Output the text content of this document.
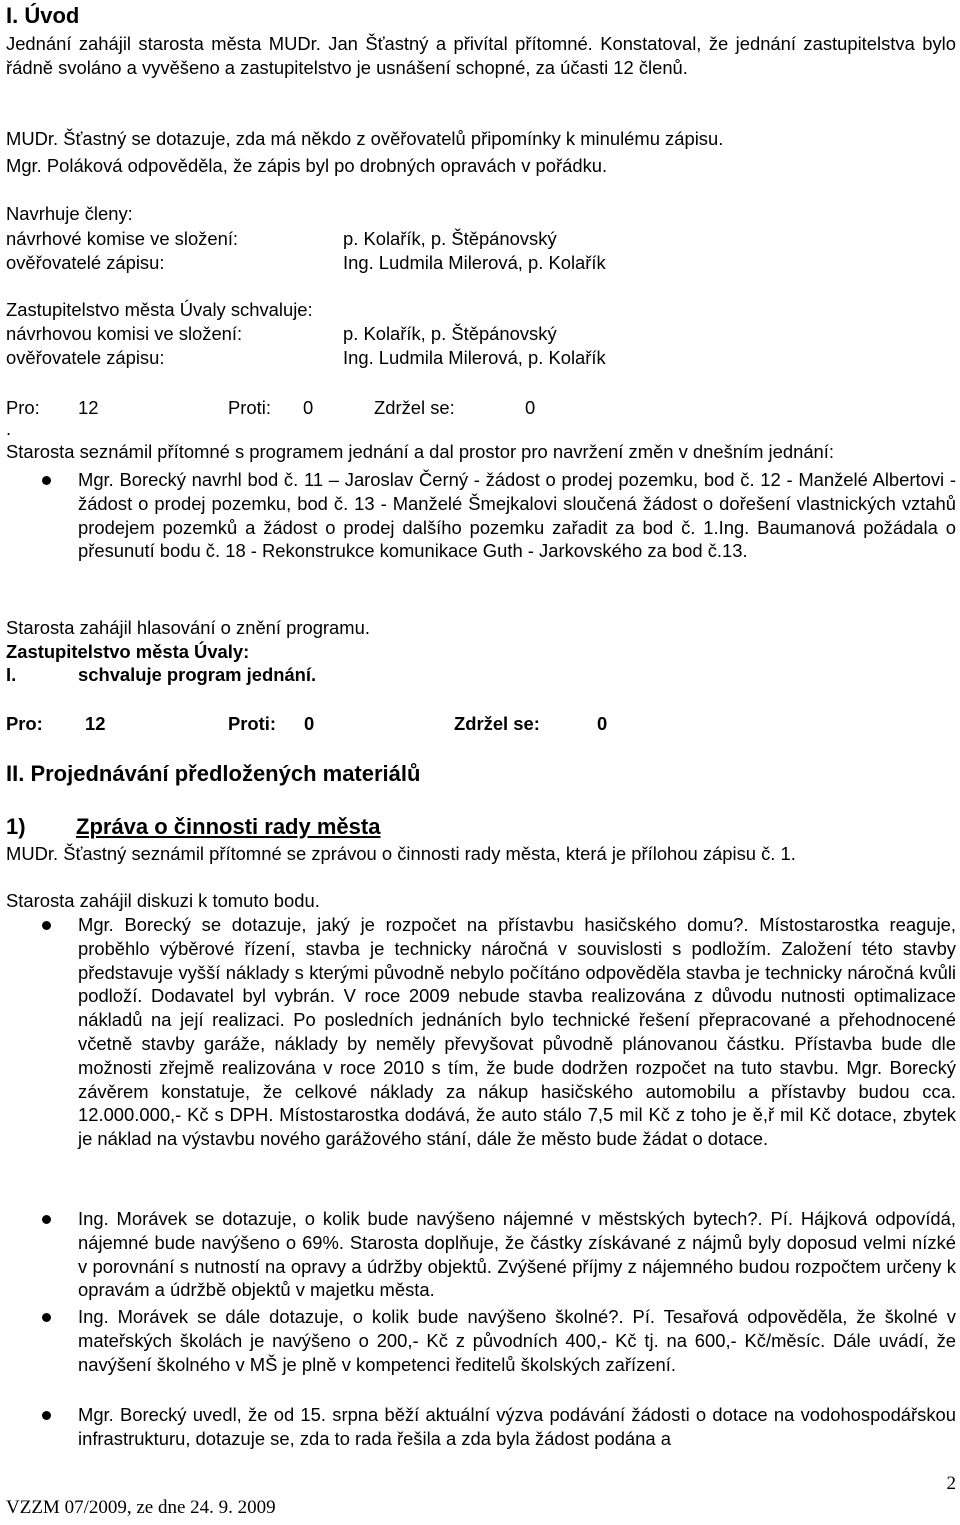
I. Úvod
Jednání zahájil starosta města MUDr. Jan Šťastný a přivítal přítomné. Konstatoval, že jednání zastupitelstva bylo řádně svoláno a vyvěšeno a zastupitelstvo je usnášení schopné, za účasti 12 členů.
MUDr. Šťastný se dotazuje, zda má někdo z ověřovatelů připomínky k minulému zápisu.
Mgr. Poláková odpověděla, že zápis byl po drobných opravách v pořádku.
Navrhuje členy:
návrhové komise ve složení:	p. Kolařík, p. Štěpánovský
ověřovatelé zápisu:	Ing. Ludmila Milerová, p. Kolařík
Zastupitelstvo města Úvaly schvaluje:
návrhovou komisi ve složení:	p. Kolařík, p. Štěpánovský
ověřovatele zápisu:	Ing. Ludmila Milerová, p. Kolařík
Pro: 12	Proti: 0	Zdržel se:	0
.
Starosta seznámil přítomné s programem jednání a dal prostor pro navržení změn v dnešním jednání:
Mgr. Borecký navrhl bod č. 11 – Jaroslav Černý - žádost o prodej pozemku, bod č. 12 - Manželé Albertovi - žádost o prodej pozemku, bod č. 13 - Manželé Šmejkalovi sloučená žádost o dořešení vlastnických vztahů prodejem pozemků a žádost o prodej dalšího pozemku zařadit za bod č. 1.Ing. Baumanová požádala o přesunutí bodu č. 18 - Rekonstrukce komunikace Guth - Jarkovského za bod č.13.
Starosta zahájil hlasování o znění programu.
Zastupitelstvo města Úvaly:
I.	schvaluje program jednání.
Pro: 12	Proti: 0	Zdržel se:	0
II. Projednávání předložených materiálů
1) Zpráva o činnosti rady města
MUDr. Šťastný seznámil přítomné se zprávou o činnosti rady města, která je přílohou zápisu č. 1.
Starosta zahájil diskuzi k tomuto bodu.
Mgr. Borecký se dotazuje, jaký je rozpočet na přístavbu hasičského domu?. Místostarostka reaguje, proběhlo výběrové řízení, stavba je technicky náročná v souvislosti s podložím. Založení této stavby představuje vyšší náklady s kterými původně nebylo počítáno odpověděla stavba je technicky náročná kvůli podloží. Dodavatel byl vybrán. V roce 2009 nebude stavba realizována z důvodu nutnosti optimalizace nákladů na její realizaci. Po posledních jednáních bylo technické řešení přepracované a přehodnocené včetně stavby garáže, náklady by neměly převyšovat původně plánovanou částku. Přístavba bude dle možnosti zřejmě realizována v roce 2010 s tím, že bude dodržen rozpočet na tuto stavbu. Mgr. Borecký závěrem konstatuje, že celkové náklady za nákup hasičského automobilu a přístavby budou cca. 12.000.000,- Kč s DPH. Místostarostka dodává, že auto stálo 7,5 mil Kč z toho je ě,ř mil Kč dotace, zbytek je náklad na výstavbu nového garážového stání, dále že město bude žádat o dotace.
Ing. Morávek se dotazuje, o kolik bude navýšeno nájemné v městských bytech?. Pí. Hájková odpovídá, nájemné bude navýšeno o 69%. Starosta doplňuje, že částky získávané z nájmů byly doposud velmi nízké v porovnání s nutností na opravy a údržby objektů. Zvýšené příjmy z nájemného budou rozpočtem určeny k opravám a údržbě objektů v majetku města.
Ing. Morávek se dále dotazuje, o kolik bude navýšeno školné?. Pí. Tesařová odpověděla, že školné v mateřských školách je navýšeno o 200,- Kč z původních 400,- Kč tj. na 600,- Kč/měsíc. Dále uvádí, že navýšení školného v MŠ je plně v kompetenci ředitelů školských zařízení.
Mgr. Borecký uvedl, že od 15. srpna běží aktuální výzva podávání žádosti o dotace na vodohospodářskou infrastrukturu, dotazuje se, zda to rada řešila a zda byla žádost podána a
2
VZZM 07/2009, ze dne 24. 9. 2009
